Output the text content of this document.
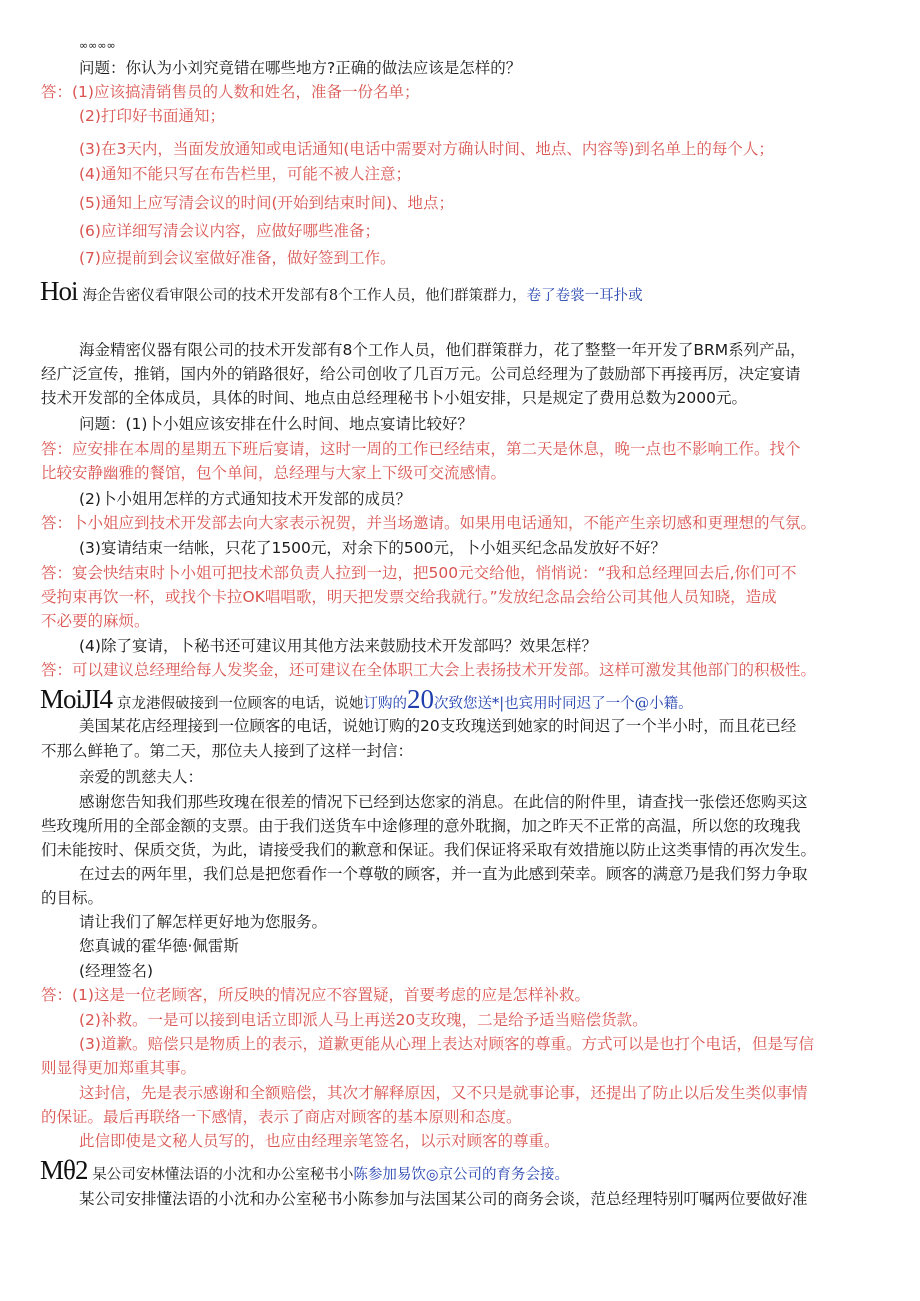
∞∞∞∞
问题：你认为小刘究竟错在哪些地方?正确的做法应该是怎样的？
答：(1)应该搞清销售员的人数和姓名，准备一份名单；
(2)打印好书面通知；
(3)在3天内，当面发放通知或电话通知(电话中需要对方确认时间、地点、内容等)到名单上的每个人；
(4)通知不能只写在布告栏里，可能不被人注意；
(5)通知上应写清会议的时间(开始到结束时间)、地点；
(6)应详细写清会议内容，应做好哪些准备；
(7)应提前到会议室做好准备，做好签到工作。
Hoi 海企告密仪看审限公司的技术开发部有8个工作人员，他们群策群力，卷了卷裳一耳扑或
海金精密仪器有限公司的技术开发部有8个工作人员，他们群策群力，花了整整一年开发了BRM系列产品，
经广泛宣传，推销，国内外的销路很好，给公司创收了几百万元。公司总经理为了鼓励部下再接再厉，决定宴请
技术开发部的全体成员，具体的时间、地点由总经理秘书卜小姐安排，只是规定了费用总数为2000元。
问题：(1)卜小姐应该安排在什么时间、地点宴请比较好？
答：应安排在本周的星期五下班后宴请，这时一周的工作已经结束，第二天是休息，晚一点也不影响工作。找个
比较安静幽雅的餐馆，包个单间，总经理与大家上下级可交流感情。
(2)卜小姐用怎样的方式通知技术开发部的成员？
答：卜小姐应到技术开发部去向大家表示祝贺，并当场邀请。如果用电话通知，不能产生亲切感和更理想的气氛。
(3)宴请结束一结帐，只花了1500元，对余下的500元，卜小姐买纪念品发放好不好？
答：宴会快结束时卜小姐可把技术部负责人拉到一边，把500元交给他，悄悄说：“我和总经理回去后,你们可不
受拘束再饮一杯，或找个卡拉OK唱唱歌，明天把发票交给我就行。”发放纪念品会给公司其他人员知晓，造成
不必要的麻烦。
(4)除了宴请，卜秘书还可建议用其他方法来鼓励技术开发部吗？效果怎样？
答：可以建议总经理给每人发奖金，还可建议在全体职工大会上表扬技术开发部。这样可激发其他部门的积极性。
MoiJI4 京龙港假破接到一位顾客的电话，说她订购的20次致您送*|也宾用时同迟了一个@小籍。
美国某花店经理接到一位顾客的电话，说她订购的20支玫瑰送到她家的时间迟了一个半小时，而且花已经
不那么鲜艳了。第二天，那位夫人接到了这样一封信：
亲爱的凯慈夫人：
感谢您告知我们那些玫瑰在很差的情况下已经到达您家的消息。在此信的附件里，请查找一张偿还您购买这
些玫瑰所用的全部金额的支票。由于我们送货车中途修理的意外耽搁，加之昨天不正常的高温，所以您的玫瑰我
们未能按时、保质交货，为此，请接受我们的歉意和保证。我们保证将采取有效措施以防止这类事情的再次发生。
在过去的两年里，我们总是把您看作一个尊敬的顾客，并一直为此感到荣幸。顾客的满意乃是我们努力争取
的目标。
请让我们了解怎样更好地为您服务。
您真诚的霍华德·佩雷斯
(经理签名)
答：(1)这是一位老顾客，所反映的情况应不容置疑，首要考虑的应是怎样补救。
(2)补救。一是可以接到电话立即派人马上再送20支玫瑰，二是给予适当赔偿货款。
(3)道歉。赔偿只是物质上的表示，道歉更能从心理上表达对顾客的尊重。方式可以是也打个电话，但是写信
则显得更加郑重其事。
这封信，先是表示感谢和全额赔偿，其次才解释原因，又不只是就事论事，还提出了防止以后发生类似事情
的保证。最后再联络一下感情，表示了商店对顾客的基本原则和态度。
此信即使是文秘人员写的，也应由经理亲笔签名，以示对顾客的尊重。
Mθ2 杲公司安林懂法语的小沈和办公室秘书小陈参加易饮◎京公司的育务会接。
某公司安排懂法语的小沈和办公室秘书小陈参加与法国某公司的商务会谈，范总经理特别叮嘱两位要做好准
